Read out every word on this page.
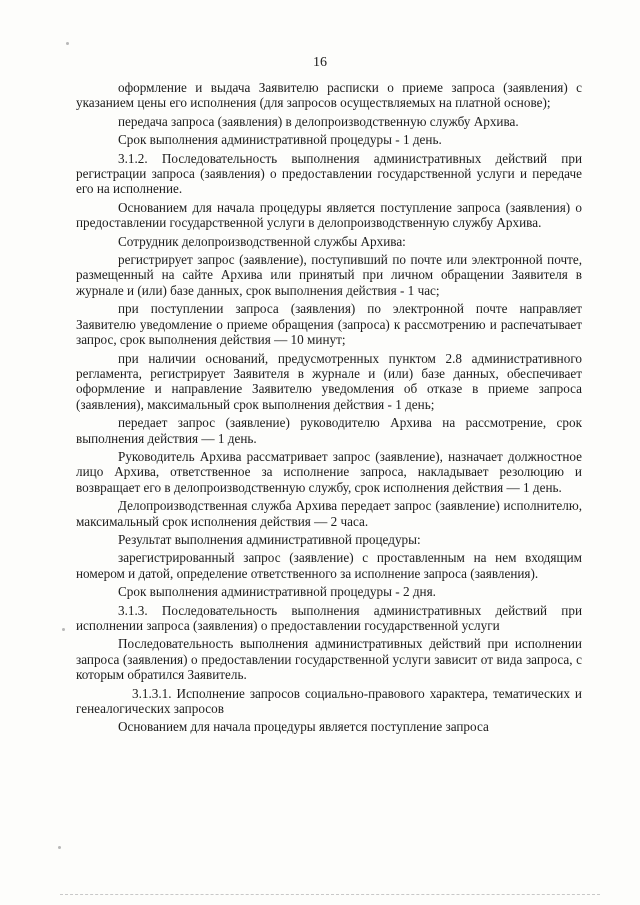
16

оформление и выдача Заявителю расписки о приеме запроса (заявления) с указанием цены его исполнения (для запросов осуществляемых на платной основе);

передача запроса (заявления) в делопроизводственную службу Архива.

Срок выполнения административной процедуры - 1 день.

3.1.2. Последовательность выполнения административных действий при регистрации запроса (заявления) о предоставлении государственной услуги и передаче его на исполнение.

Основанием для начала процедуры является поступление запроса (заявления) о предоставлении государственной услуги в делопроизводственную службу Архива.

Сотрудник делопроизводственной службы Архива:

регистрирует запрос (заявление), поступивший по почте или электронной почте, размещенный на сайте Архива или принятый при личном обращении Заявителя в журнале и (или) базе данных, срок выполнения действия - 1 час;

при поступлении запроса (заявления) по электронной почте направляет Заявителю уведомление о приеме обращения (запроса) к рассмотрению и распечатывает запрос, срок выполнения действия — 10 минут;

при наличии оснований, предусмотренных пунктом 2.8 административного регламента, регистрирует Заявителя в журнале и (или) базе данных, обеспечивает оформление и направление Заявителю уведомления об отказе в приеме запроса (заявления), максимальный срок выполнения действия - 1 день;

передает запрос (заявление) руководителю Архива на рассмотрение, срок выполнения действия — 1 день.

Руководитель Архива рассматривает запрос (заявление), назначает должностное лицо Архива, ответственное за исполнение запроса, накладывает резолюцию и возвращает его в делопроизводственную службу, срок исполнения действия — 1 день.

Делопроизводственная служба Архива передает запрос (заявление) исполнителю, максимальный срок исполнения действия — 2 часа.

Результат выполнения административной процедуры:

зарегистрированный запрос (заявление) с проставленным на нем входящим номером и датой, определение ответственного за исполнение запроса (заявления).

Срок выполнения административной процедуры - 2 дня.

3.1.3. Последовательность выполнения административных действий при исполнении запроса (заявления) о предоставлении государственной услуги

Последовательность выполнения административных действий при исполнении запроса (заявления) о предоставлении государственной услуги зависит от вида запроса, с которым обратился Заявитель.

3.1.3.1. Исполнение запросов социально-правового характера, тематических и генеалогических запросов

Основанием для начала процедуры является поступление запроса
